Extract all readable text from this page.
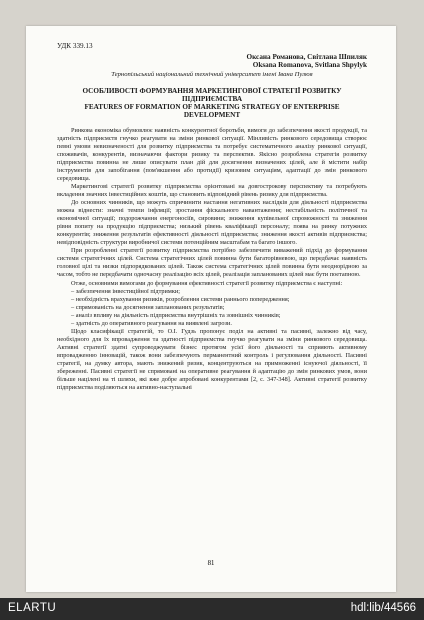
УДК 339.13
Оксана Романова, Світлана Шпиляк
Oksana Romanova, Svitlana Shpylyk
Тернопільський національний технічний університет імені Івана Пулюя
ОСОБЛИВОСТІ ФОРМУВАННЯ МАРКЕТИНГОВОЇ СТРАТЕГІЇ РОЗВИТКУ ПІДПРИЄМСТВА
FEATURES OF FORMATION OF MARKETING STRATEGY OF ENTERPRISE DEVELOPMENT

Ринкова економіка обумовлює наявність конкурентної боротьби, вимоги до забезпечення якості продукції, та здатність підприємств гнучко реагувати на зміни ринкової ситуації. Мінливість ринкового середовища створює певні умови невизначеності для розвитку підприємства та потребує систематичного аналізу ринкової ситуації, споживачів, конкурентів, визначаючи фактори ризику та перспектив. Якісно розроблена стратегія розвитку підприємства повинна не лише описувати план дій для досягнення визначених цілей, але й містити набір інструментів для запобігання (пом'якшення або протидії) кризовим ситуаціям, адаптації до змін ринкового середовища.

Маркетингові стратегії розвитку підприємства орієнтовані на довгострокову перспективу та потребують вкладення значних інвестиційних коштів, що становить відповідний рівень ризику для підприємства.

До основних чинників, що можуть спричинити настання негативних наслідків для діяльності підприємства можна віднести: значні темпи інфляції; зростання фіскального навантаження; нестабільність політичної та економічної ситуації; подорожчання енергоносіїв, сировини; зниження купівельної спроможності та зниження рівня попиту на продукцію підприємства; низький рівень кваліфікації персоналу; поява на ринку потужних конкурентів; зниження результатів ефективності діяльності підприємства; зниження якості активів підприємства; невідповідність структури виробничої системи потенційним масштабам та багато іншого.

При розробленні стратегії розвитку підприємства потрібно забезпечити виважений підхід до формування системи стратегічних цілей. Система стратегічних цілей повинна бути багаторівневою, що передбачає наявність головної цілі та низки підпорядкованих цілей. Також система стратегічних цілей повинна бути неоднорідною за часом, тобто не передбачати одночасну реалізацію всіх цілей, реалізація запланованих цілей має бути поетапною.

Отже, основними вимогами до формування ефективності стратегії розвитку підприємства є наступні:

– забезпечення інвестиційної підтримки;
– необхідність врахування ризиків, розроблення системи раннього попередження;
– спрямованість на досягнення запланованих результатів;
– аналіз впливу на діяльність підприємства внутрішніх та зовнішніх чинників;
– здатність до оперативного реагування на виявлені загрози.

Щодо класифікації стратегій, то О.І. Гудзь пропонує поділ на активні та пасивні, залежно від часу, необхідного для їх впровадження та здатності підприємства гнучко реагувати на зміни ринкового середовища. Активні стратегії здатні супроводжувати бізнес протягом усієї його діяльності та сприяють активному впровадженню інновацій, також вони забезпечують перманентний контроль і регулювання діяльності. Пасивні стратегії, на думку автора, мають знижений ризик, концентруються на примноженні існуючої діяльності, її збереженні. Пасивні стратегії не спрямовані на оперативне реагування й адаптацію до змін ринкових умов, вони більше націлені на ті шляхи, які вже добре апробовані конкурентами [2, с. 347-348]. Активні стратегії розвитку підприємства поділяються на активно-наступальні

81
ELARTU	hdl:lib/44566
